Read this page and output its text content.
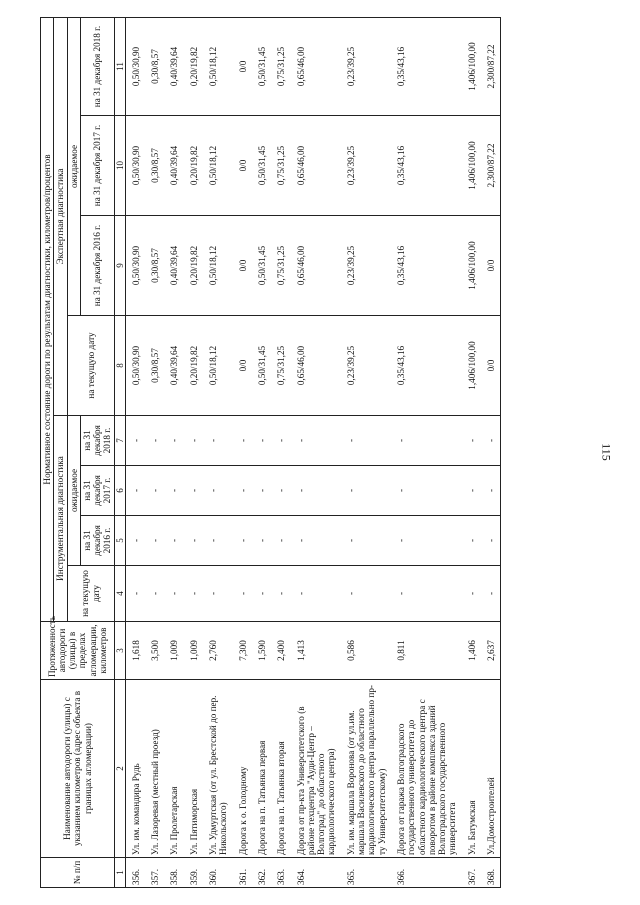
115
№ п/п	Наименование автодороги (улицы) с указанием километров (адрес объекта в границах агломерации)	Протяженность автодороги (улицы) в пределах агломерации, километров	Нормативное состояние дороги по результатам диагностики, километров/процентов							
			Инструментальная диагностика				Экспертная диагностика			
			на текущую дату	ожидаемое			на текущую дату	ожидаемое		
				на 31 декабря 2016 г.	на 31 декабря 2017 г.	на 31 декабря 2018 г.		на 31 декабря 2016 г.	на 31 декабря 2017 г.	на 31 декабря 2018 г.
1	2	3	4	5	6	7	8	9	10	11
356.	Ул. им. командира Рудь	1,618	-	-	-	-	0,50/30,90	0,50/30,90	0,50/30,90	0,50/30,90
357.	Ул. Лазоревая (местный проезд)	3,500	-	-	-	-	0,30/8,57	0,30/8,57	0,30/8,57	0,30/8,57
358.	Ул. Пролетарская	1,009	-	-	-	-	0,40/39,64	0,40/39,64	0,40/39,64	0,40/39,64
359.	Ул. Пятиморская	1,009	-	-	-	-	0,20/19,82	0,20/19,82	0,20/19,82	0,20/19,82
360.	Ул. Удмуртская (от ул. Брестской до пер. Никольского)	2,760	-	-	-	-	0,50/18,12	0,50/18,12	0,50/18,12	0,50/18,12
361.	Дорога к о. Голодному	7,300	-	-	-	-	0/0	0/0	0/0	0/0
362.	Дорога на п. Татьянка первая	1,590	-	-	-	-	0,50/31,45	0,50/31,45	0,50/31,45	0,50/31,45
363.	Дорога на п. Татьянка вторая	2,400	-	-	-	-	0,75/31,25	0,75/31,25	0,75/31,25	0,75/31,25
364.	Дорога от пр-кта Университетского (в районе техцентра "Ауди-Центр – Волгоград" до областного кардиологического центра)	1,413	-	-	-	-	0,65/46,00	0,65/46,00	0,65/46,00	0,65/46,00
365.	Ул. им. маршала Воронова (от ул.им. маршала Василевского до областного кардиологического центра параллельно пр-ту Университетскому)	0,586	-	-	-	-	0,23/39,25	0,23/39,25	0,23/39,25	0,23/39,25
366.	Дорога от гаража Волгоградского государственного университета до областного кардиологического центра с поворотом в районе комплекса зданий Волгоградского государственного университета	0,811	-	-	-	-	0,35/43,16	0,35/43,16	0,35/43,16	0,35/43,16
367.	Ул. Батумская	1,406	-	-	-	-	1,406/100,00	1,406/100,00	1,406/100,00	1,406/100,00
368.	Ул.Домостроителей	2,637	-	-	-	-	0/0	0/0	2,300/87,22	2,300/87,22
